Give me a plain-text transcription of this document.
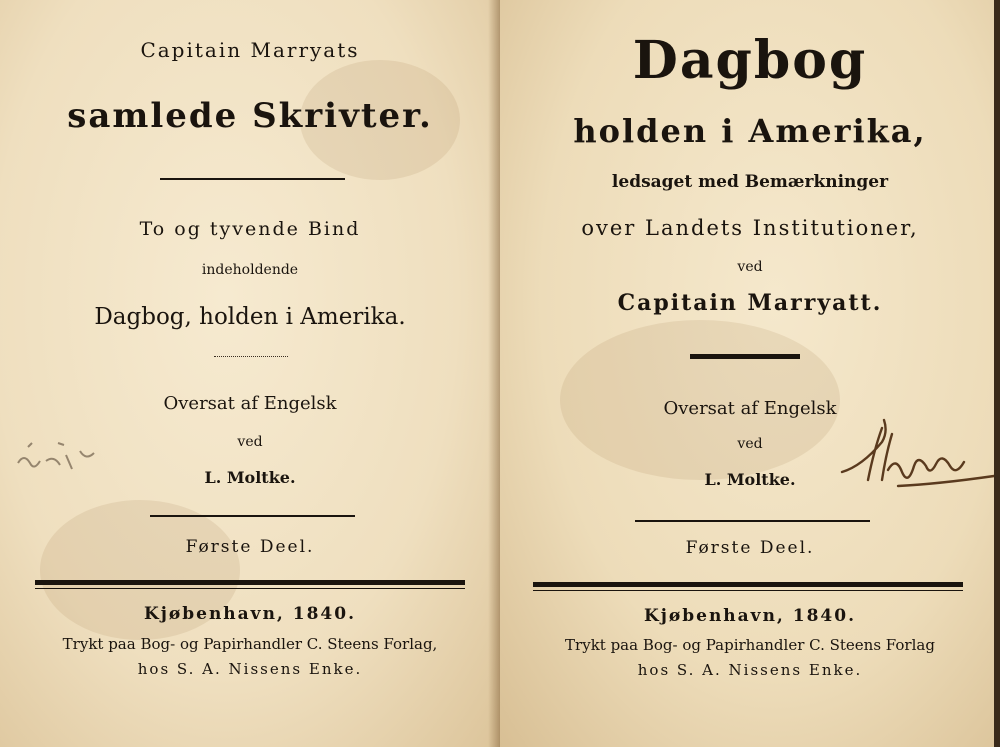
Capitain Marryats
samlede Skrivter.
To og tyvende Bind
indeholdende
Dagbog, holden i Amerika.
Oversat af Engelsk
ved
L. Moltke.
Første Deel.
Kjøbenhavn, 1840.
Trykt paa Bog- og Papirhandler C. Steens Forlag,
hos S. A. Nissens Enke.
Dagbog
holden i Amerika,
ledsaget med Bemærkninger
over Landets Institutioner,
ved
Capitain Marryatt.
Oversat af Engelsk
ved
L. Moltke.
Første Deel.
Kjøbenhavn, 1840.
Trykt paa Bog- og Papirhandler C. Steens Forlag
hos S. A. Nissens Enke.
